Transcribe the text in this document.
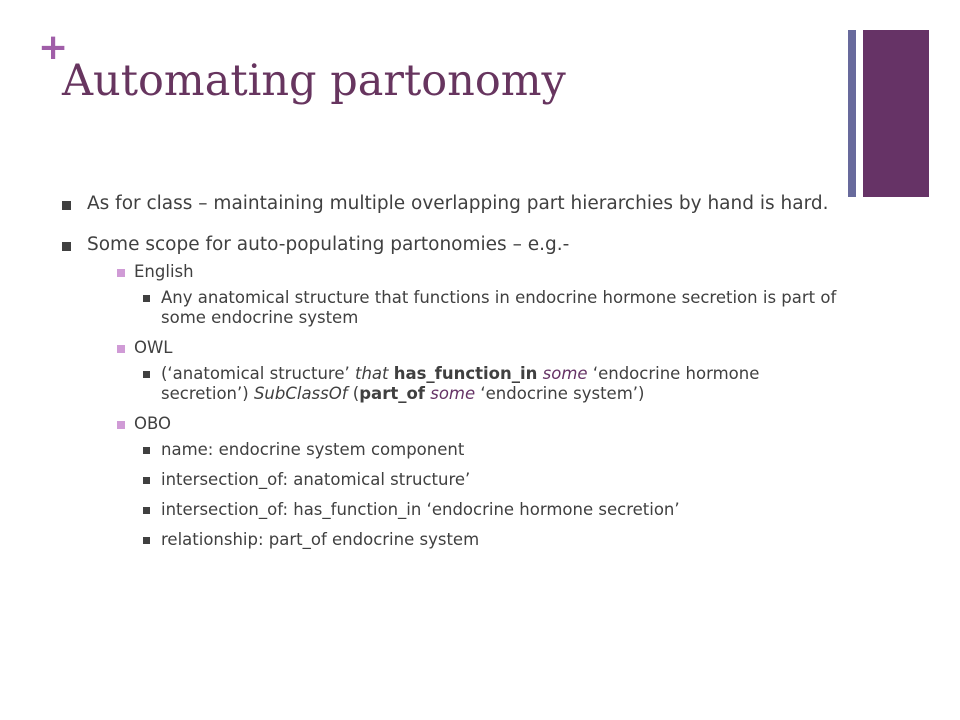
+
Automating partonomy
As for class – maintaining multiple overlapping part hierarchies by hand is hard.
Some scope for auto-populating partonomies – e.g.-
English
Any anatomical structure that functions in endocrine hormone secretion is part of some endocrine system
OWL
(‘anatomical structure’ that has_function_in some ‘endocrine hormone secretion’) SubClassOf (part_of some ‘endocrine system’)
OBO
name: endocrine system component
intersection_of: anatomical structure’
intersection_of: has_function_in ‘endocrine hormone secretion’
relationship: part_of endocrine system
